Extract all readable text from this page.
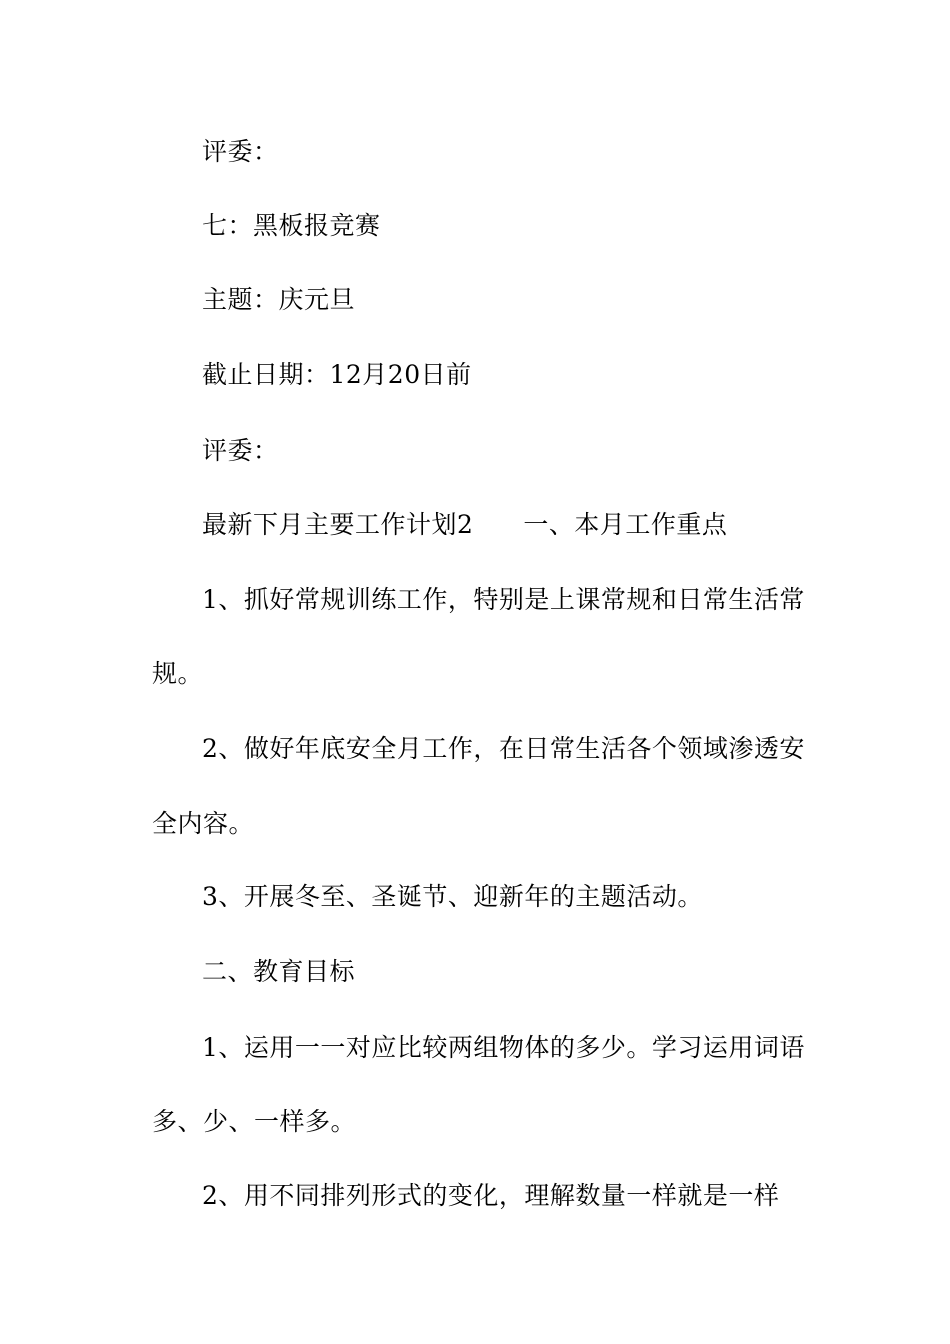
评委：
七：黑板报竞赛
主题：庆元旦
截止日期：12月20日前
评委：
最新下月主要工作计划2 一、本月工作重点
1、抓好常规训练工作，特别是上课常规和日常生活常
规。
2、做好年底安全月工作，在日常生活各个领域渗透安
全内容。
3、开展冬至、圣诞节、迎新年的主题活动。
二、教育目标
1、运用一一对应比较两组物体的多少。学习运用词语
多、少、一样多。
2、用不同排列形式的变化，理解数量一样就是一样
